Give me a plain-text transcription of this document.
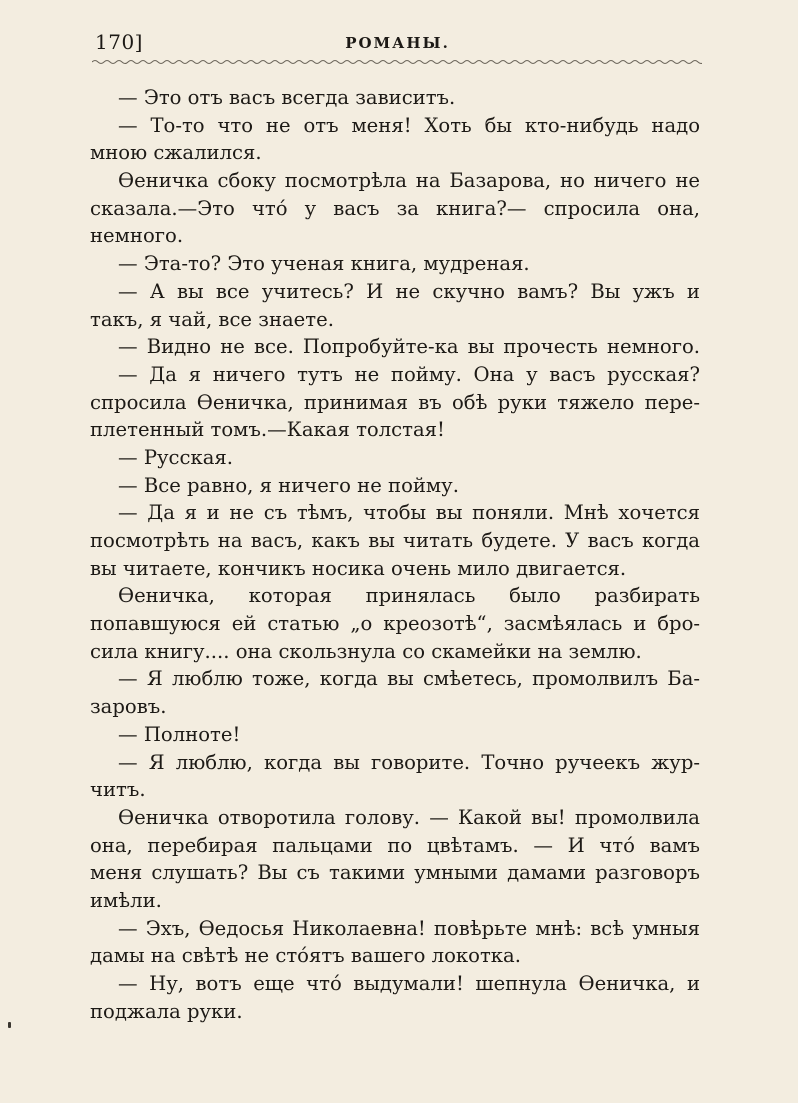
170]	РОМАНЫ.
— Это отъ васъ всегда зависитъ.
— То-то что не отъ меня! Хоть бы кто-нибудь надо
мною сжалился.
Ѳеничка сбоку посмотрѣла на Базарова, но ничего не
сказала.—Это что́ у васъ за книга?— спросила она,
немного.
— Эта-то? Это ученая книга, мудреная.
— А вы все учитесь? И не скучно вамъ? Вы ужъ и
такъ, я чай, все знаете.
— Видно не все. Попробуйте-ка вы прочесть немного.
— Да я ничего тутъ не пойму. Она у васъ русская?
спросила Ѳеничка, принимая въ обѣ руки тяжело пере-
плетенный томъ.—Какая толстая!
— Русская.
— Все равно, я ничего не пойму.
— Да я и не съ тѣмъ, чтобы вы поняли. Мнѣ хочется
посмотрѣть на васъ, какъ вы читать будете. У васъ когда
вы читаете, кончикъ носика очень мило двигается.
Ѳеничка, которая принялась было разбирать
попавшуюся ей статью „о креозотѣ“, засмѣялась и бро-
сила книгу.... она скользнула со скамейки на землю.
— Я люблю тоже, когда вы смѣетесь, промолвилъ Ба-
заровъ.
— Полноте!
— Я люблю, когда вы говорите. Точно ручеекъ жур-
читъ.
Ѳеничка отворотила голову. — Какой вы! промолвила
она, перебирая пальцами по цвѣтамъ. — И что́ вамъ
меня слушать? Вы съ такими умными дамами разговоръ
имѣли.
— Эхъ, Ѳедосья Николаевна! повѣрьте мнѣ: всѣ умныя
дамы на свѣтѣ не сто́ятъ вашего локотка.
— Ну, вотъ еще что́ выдумали! шепнула Ѳеничка, и
поджала руки.
